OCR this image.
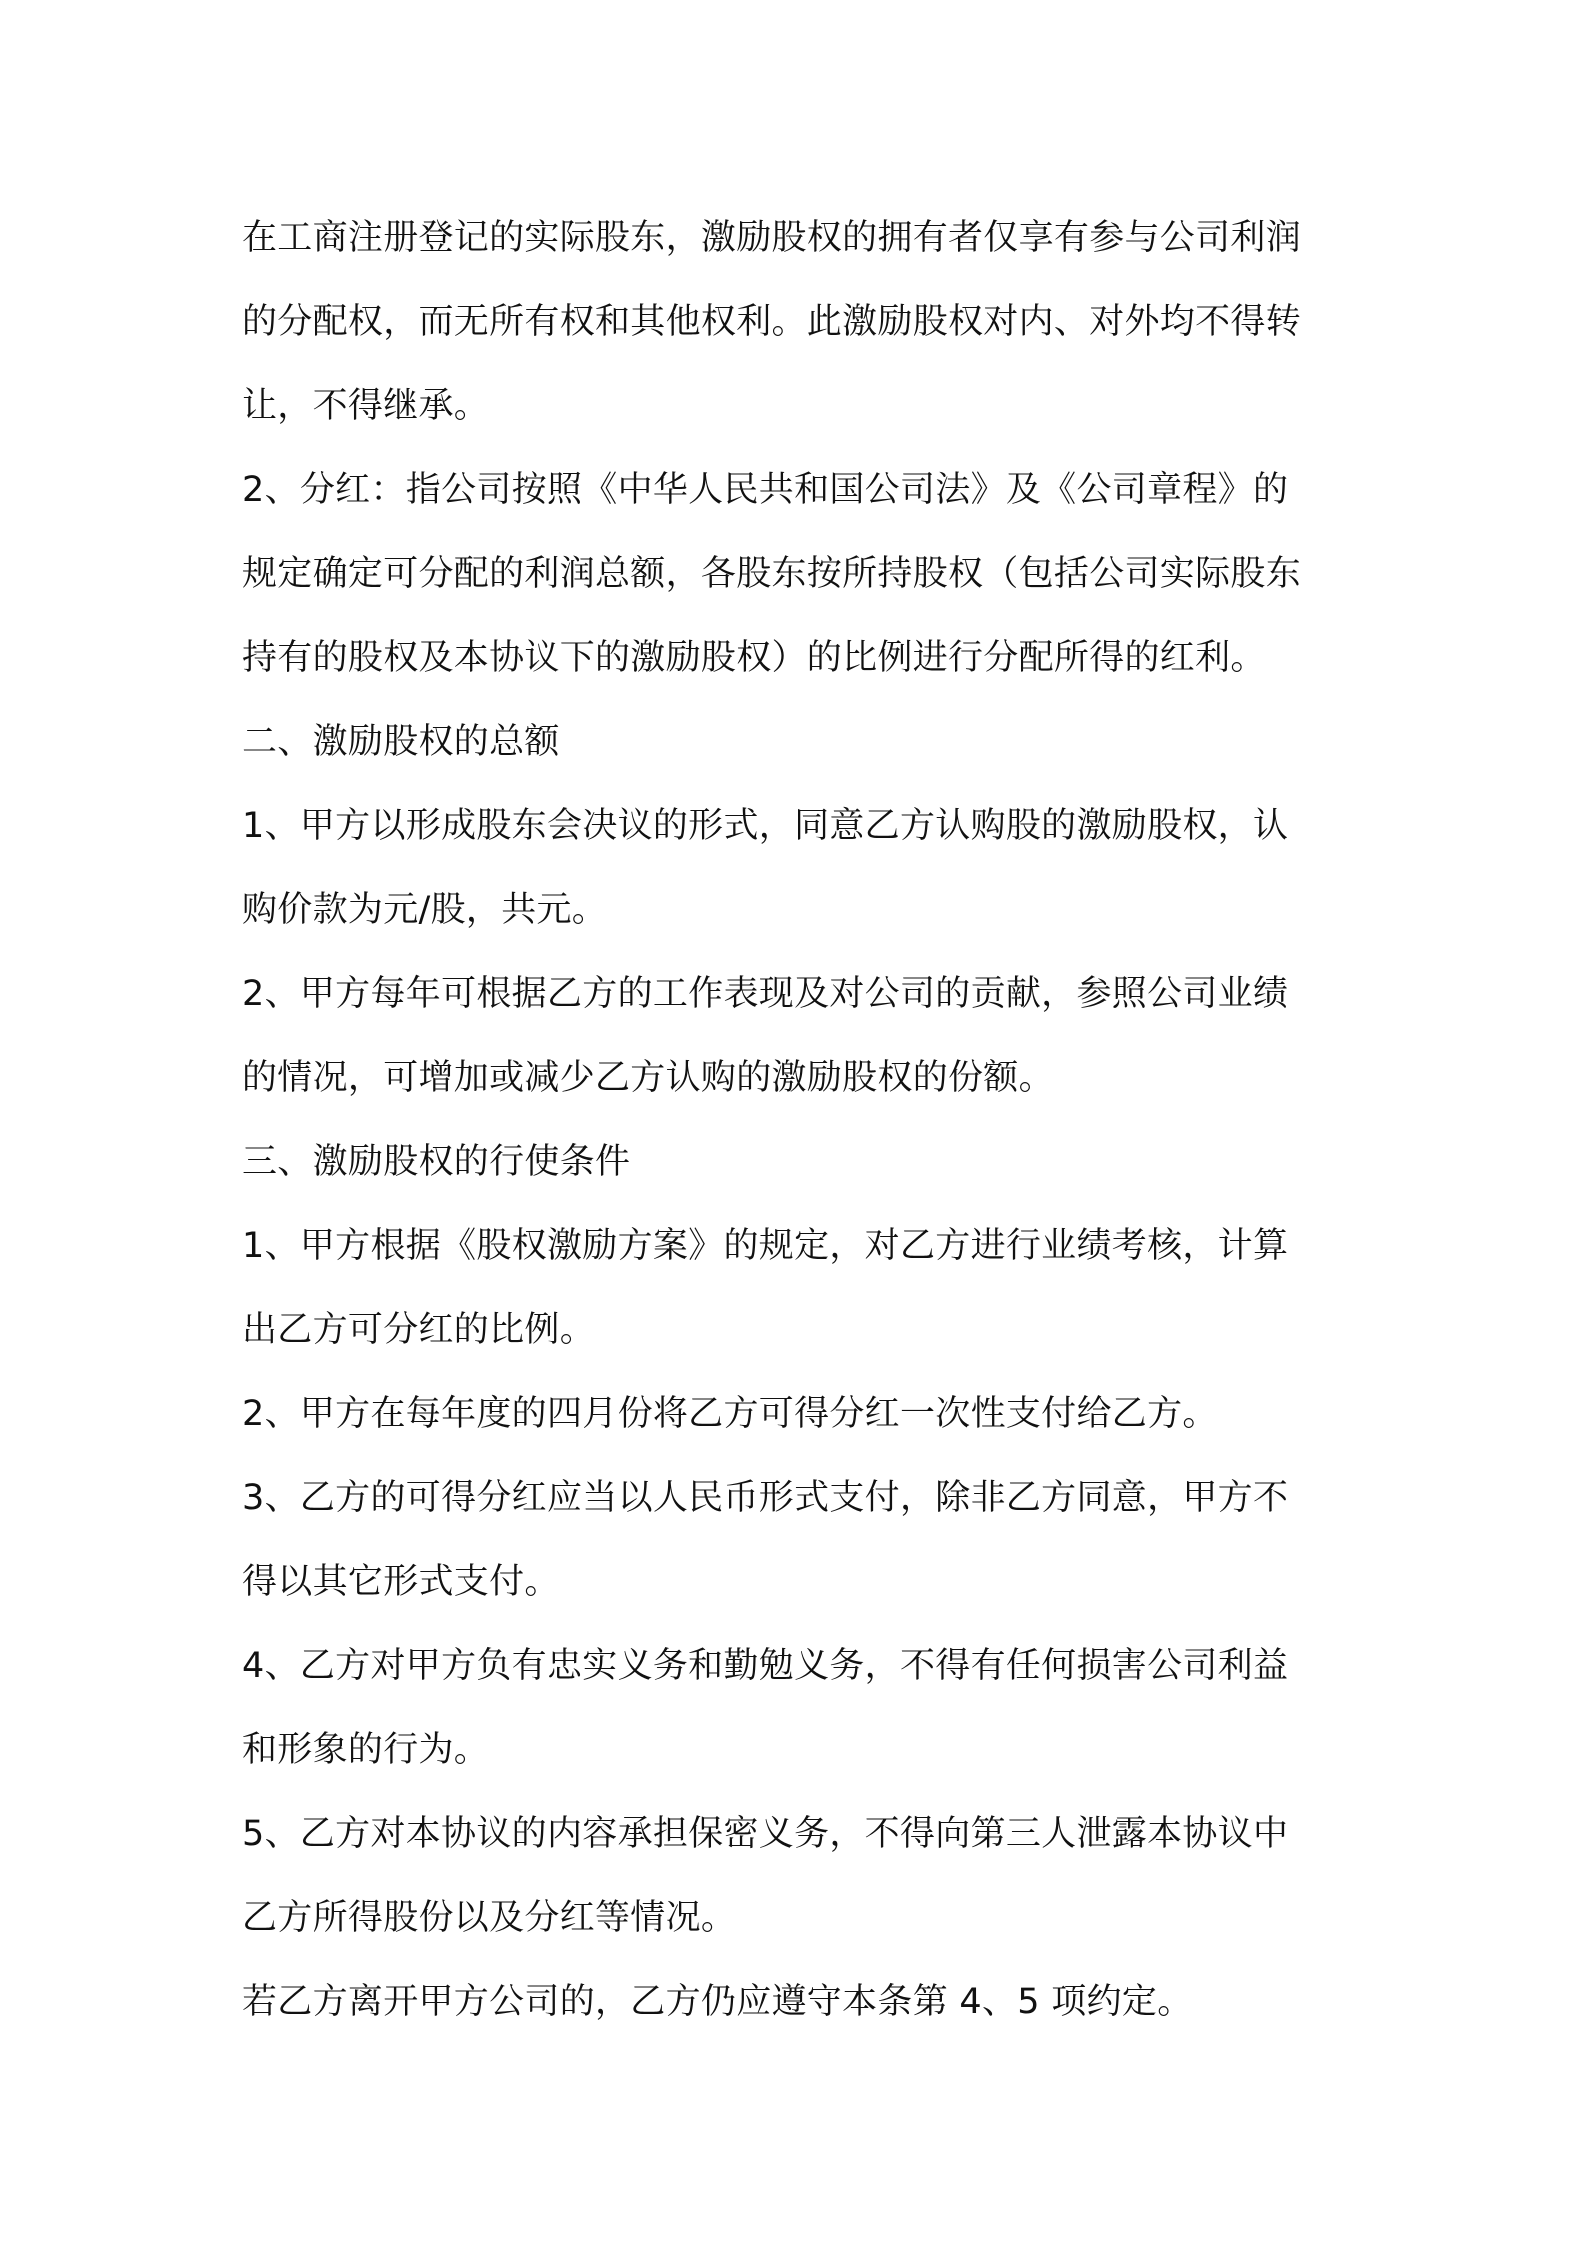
在工商注册登记的实际股东，激励股权的拥有者仅享有参与公司利润

的分配权，而无所有权和其他权利。此激励股权对内、对外均不得转

让，不得继承。

2、分红：指公司按照《中华人民共和国公司法》及《公司章程》的

规定确定可分配的利润总额，各股东按所持股权（包括公司实际股东

持有的股权及本协议下的激励股权）的比例进行分配所得的红利。

二、激励股权的总额

1、甲方以形成股东会决议的形式，同意乙方认购股的激励股权，认

购价款为元/股，共元。

2、甲方每年可根据乙方的工作表现及对公司的贡献，参照公司业绩

的情况，可增加或减少乙方认购的激励股权的份额。

三、激励股权的行使条件

1、甲方根据《股权激励方案》的规定，对乙方进行业绩考核，计算

出乙方可分红的比例。

2、甲方在每年度的四月份将乙方可得分红一次性支付给乙方。

3、乙方的可得分红应当以人民币形式支付，除非乙方同意，甲方不

得以其它形式支付。

4、乙方对甲方负有忠实义务和勤勉义务，不得有任何损害公司利益

和形象的行为。

5、乙方对本协议的内容承担保密义务，不得向第三人泄露本协议中

乙方所得股份以及分红等情况。

若乙方离开甲方公司的，乙方仍应遵守本条第 4、5 项约定。
